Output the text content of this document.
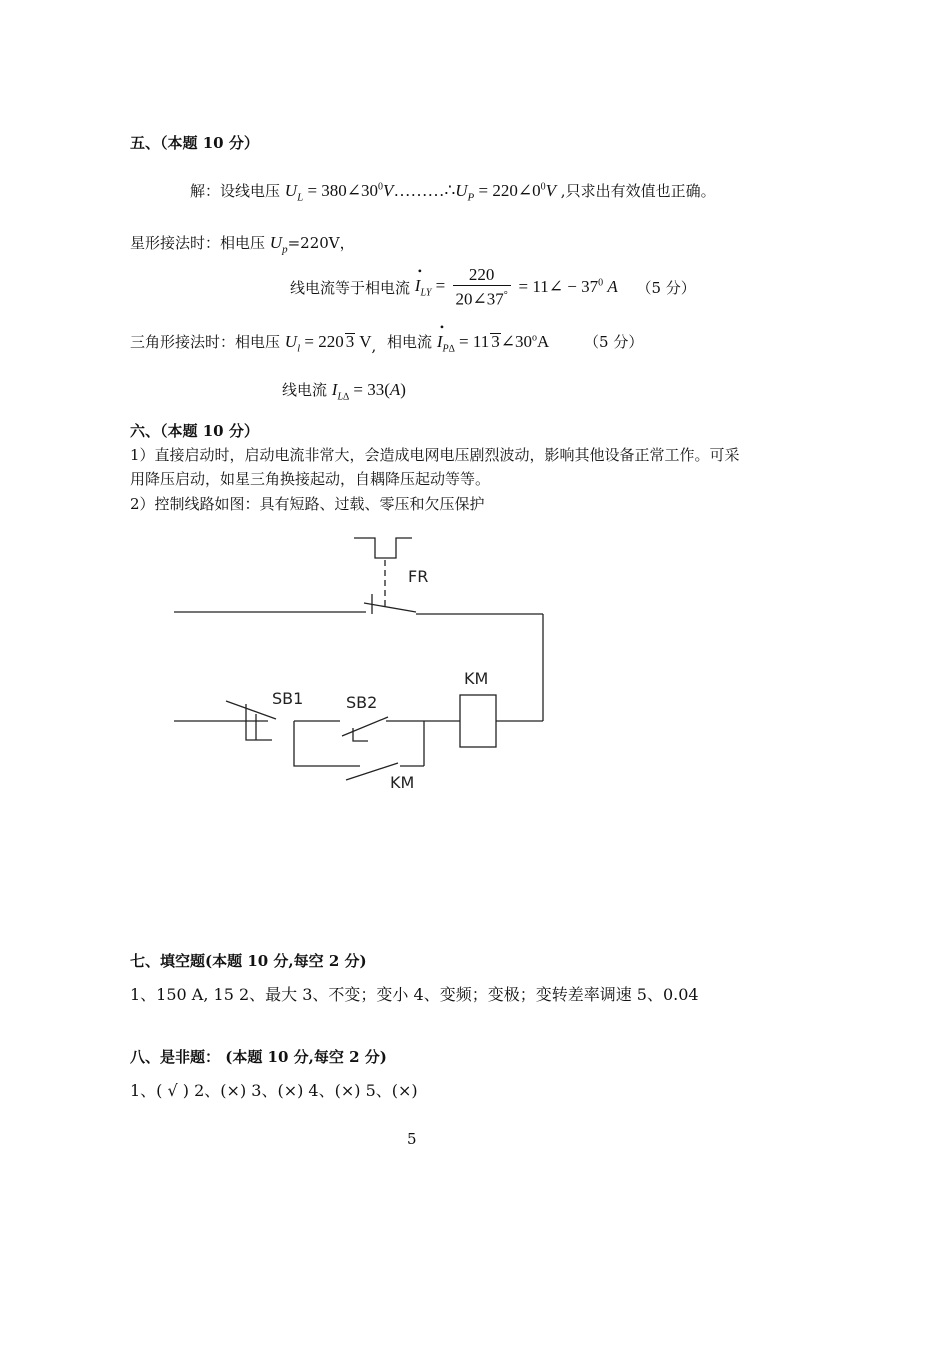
五、（本题 10 分）
解：设线电压 $U_L$ = $380\angle 30^0V\dots\dots\dots\therefore U_P$ = $220\angle 0^0V$ ,只求出有效值也正确。
星形接法时：相电压 $U_p=220V$，
线电流等于相电流 • $I_{LY} = \frac{220}{20\angle 37^\circ}$ = 11∠ − $37^0$ A （5 分）
三角形接法时：相电压 $U_l = 220$ 3 V, 相电流 • $I_{P\Delta} = 11$ 3∠30$^o$A （5 分）
线电流 $I_{L\Delta} = 33(A)$
六、（本题 10 分）
1）直接启动时，启动电流非常大，会造成电网电压剧烈波动，影响其他设备正常工作。可采
用降压启动，如星三角换接起动，自耦降压起动等等。
2）控制线路如图：具有短路、过载、零压和欠压保护
FR
KM
SB1	SB2
KM
七、填空题(本题 10 分,每空 2 分)
1、150 A, 15 2、最大 3、不变；变小 4、变频；变极；变转差率调速 5、0.04
八、是非题： (本题 10 分,每空 2 分)
1、( √ ) 2、(×) 3、(×) 4、(×) 5、(×)
5
